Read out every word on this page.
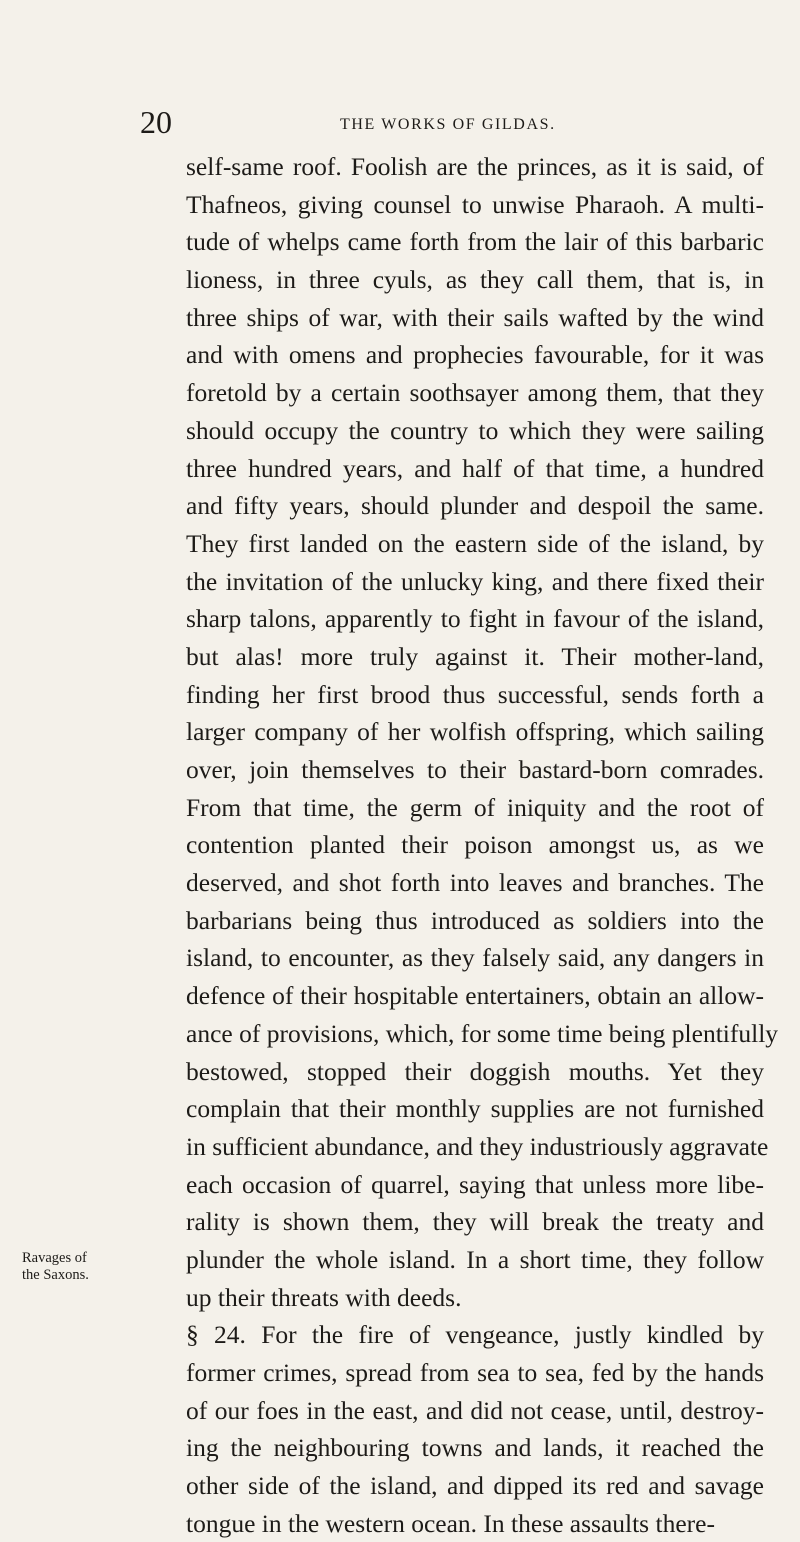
20	THE WORKS OF GILDAS.
Ravages of
the Saxons.
self-same roof. Foolish are the princes, as it is said, of
Thafneos, giving counsel to unwise Pharaoh. A multi-
tude of whelps came forth from the lair of this barbaric
lioness, in three cyuls, as they call them, that is, in
three ships of war, with their sails wafted by the wind
and with omens and prophecies favourable, for it was
foretold by a certain soothsayer among them, that they
should occupy the country to which they were sailing
three hundred years, and half of that time, a hundred
and fifty years, should plunder and despoil the same.
They first landed on the eastern side of the island, by
the invitation of the unlucky king, and there fixed their
sharp talons, apparently to fight in favour of the island,
but alas! more truly against it. Their mother-land,
finding her first brood thus successful, sends forth a
larger company of her wolfish offspring, which sailing
over, join themselves to their bastard-born comrades.
From that time, the germ of iniquity and the root of
contention planted their poison amongst us, as we
deserved, and shot forth into leaves and branches. The
barbarians being thus introduced as soldiers into the
island, to encounter, as they falsely said, any dangers in
defence of their hospitable entertainers, obtain an allow-
ance of provisions, which, for some time being plentifully
bestowed, stopped their doggish mouths. Yet they
complain that their monthly supplies are not furnished
in sufficient abundance, and they industriously aggravate
each occasion of quarrel, saying that unless more libe-
rality is shown them, they will break the treaty and
plunder the whole island. In a short time, they follow
up their threats with deeds.
§ 24. For the fire of vengeance, justly kindled by
former crimes, spread from sea to sea, fed by the hands
of our foes in the east, and did not cease, until, destroy-
ing the neighbouring towns and lands, it reached the
other side of the island, and dipped its red and savage
tongue in the western ocean. In these assaults there-
